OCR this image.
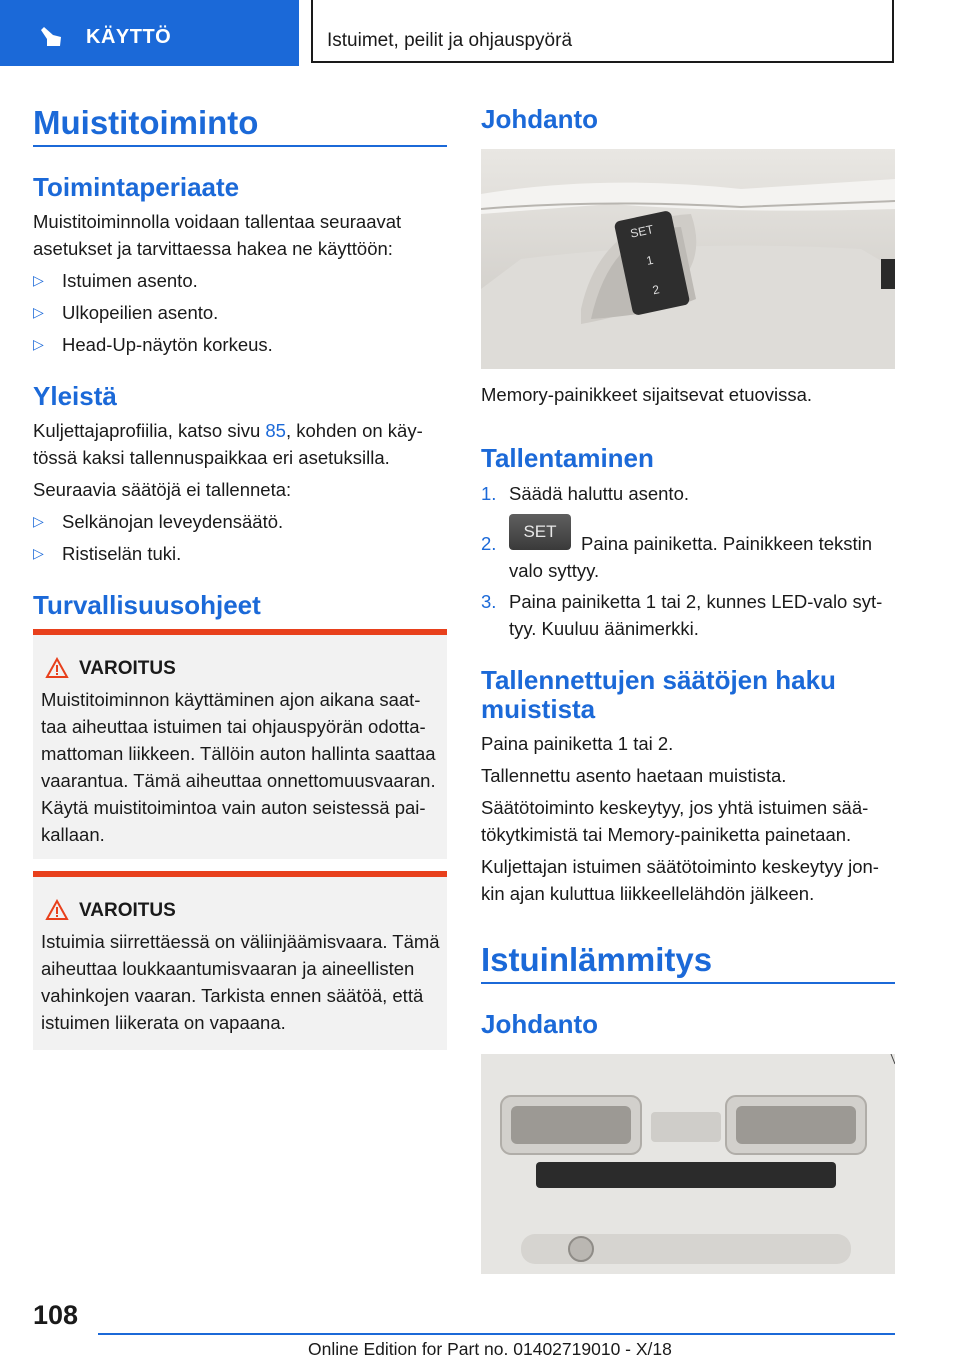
KÄYTTÖ	Istuimet, peilit ja ohjauspyörä
Muistitoiminto
Toimintaperiaate
Muistitoiminnolla voidaan tallentaa seuraavat
asetukset ja tarvittaessa hakea ne käyttöön:
▷ Istuimen asento.
▷ Ulkopeilien asento.
▷ Head-Up-näytön korkeus.
Yleistä
Kuljettajaprofiilia, katso sivu 85, kohden on käy-
tössä kaksi tallennuspaikkaa eri asetuksilla.
Seuraavia säätöjä ei tallenneta:
▷ Selkänojan leveydensäätö.
▷ Ristiselän tuki.
Turvallisuusohjeet
VAROITUS
Muistitoiminnon käyttäminen ajon aikana saat-
taa aiheuttaa istuimen tai ohjauspyörän odotta-
mattoman liikkeen. Tällöin auton hallinta saattaa
vaarantua. Tämä aiheuttaa onnettomuusvaaran.
Käytä muistitoimintoa vain auton seistessä pai-
kallaan.
VAROITUS
Istuimia siirrettäessä on väliinjäämisvaara. Tämä
aiheuttaa loukkaantumisvaaran ja aineellisten
vahinkojen vaaran. Tarkista ennen säätöä, että
istuimen liikerata on vapaana.
Johdanto
SET
1
2
Memory-painikkeet sijaitsevat etuovissa.
Tallentaminen
1. Säädä haluttu asento.
2.
SET
Paina painiketta. Painikkeen tekstin
valo syttyy.
3. Paina painiketta 1 tai 2, kunnes LED-valo syt-
tyy. Kuuluu äänimerkki.
Tallennettujen säätöjen haku
muistista
Paina painiketta 1 tai 2.
Tallennettu asento haetaan muistista.
Säätötoiminto keskeytyy, jos yhtä istuimen sää-
tökytkimistä tai Memory-painiketta painetaan.
Kuljettajan istuimen säätötoiminto keskeytyy jon-
kin ajan kuluttua liikkeellelähdön jälkeen.
Istuinlämmitys
Johdanto
108
Online Edition for Part no. 01402719010 - X/18
